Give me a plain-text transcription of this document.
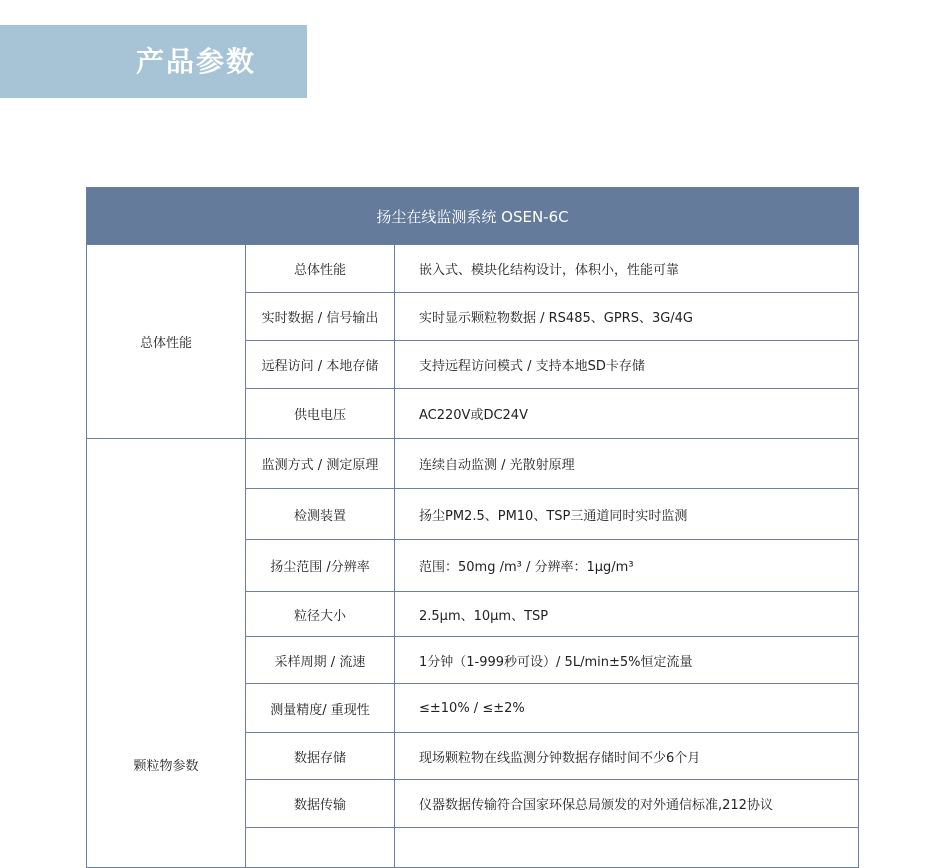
产品参数
扬尘在线监测系统 OSEN-6C		
总体性能	总体性能	嵌入式、模块化结构设计，体积小，性能可靠
	实时数据 / 信号输出	实时显示颗粒物数据 / RS485、GPRS、3G/4G
	远程访问 / 本地存储	支持远程访问模式 / 支持本地SD卡存储
	供电电压	AC220V或DC24V
颗粒物参数	监测方式 / 测定原理	连续自动监测 / 光散射原理
	检测装置	扬尘PM2.5、PM10、TSP三通道同时实时监测
	扬尘范围 /分辨率	范围：50mg /m³ / 分辨率：1μg/m³
	粒径大小	2.5μm、10μm、TSP
	采样周期 / 流速	1分钟（1-999秒可设）/ 5L/min±5%恒定流量
	测量精度/ 重现性	≤±10% / ≤±2%
	数据存储	现场颗粒物在线监测分钟数据存储时间不少6个月
	数据传输	仪器数据传输符合国家环保总局颁发的对外通信标准,212协议
